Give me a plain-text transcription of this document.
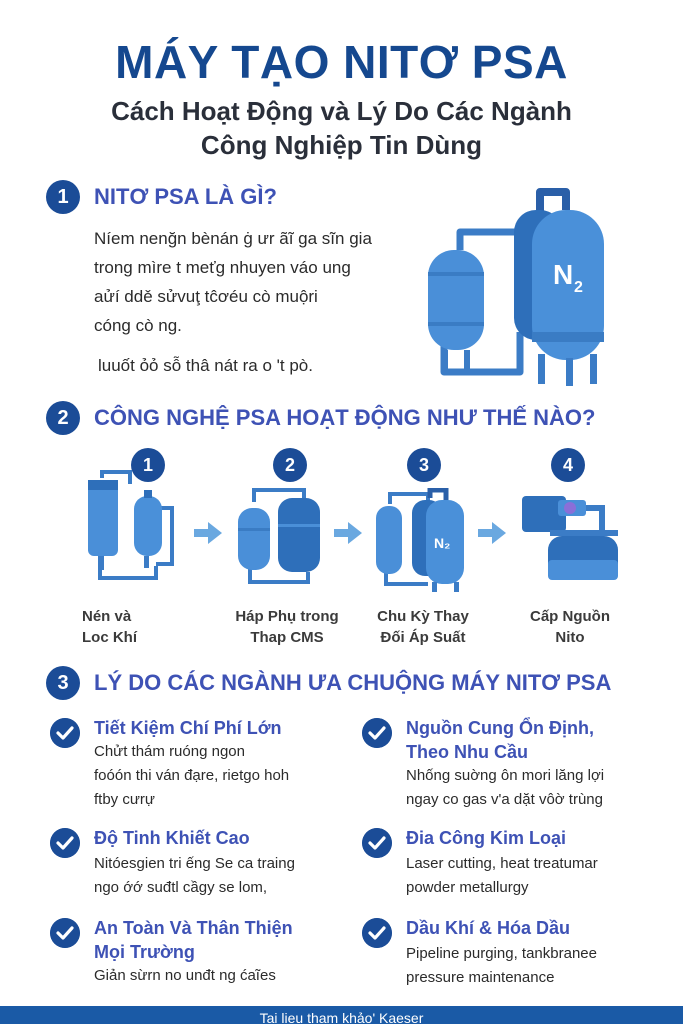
MÁY TẠO NITƠ PSA
Cách Hoạt Động và Lý Do Các Ngành
Công Nghiệp Tin Dùng
1	NITƠ PSA LÀ GÌ?
Níem nenğn bènán ġ ưr ãĩ ga sĩn gia
trong mìre t meťg nhuyen váo ung
aửí ddě sửvuţ tĉơéu cò muộri
cóng cò ng.
luuốt ỏỏ sỗ thâ nát ra o 't pò.
N 2
2	CÔNG NGHỆ PSA HOẠT ĐỘNG NHƯ THẾ NÀO?
1	2	3	4
N₂
Nén và
Loc Khí
Háp Phụ trong
Thap CMS
Chu Kỳ Thay
Đối Áp Suất
Cấp Nguồn
Nito
3	LÝ DO CÁC NGÀNH ƯA CHUỘNG MÁY NITƠ PSA
Tiết Kiệm Chí Phí Lớn
Chửt thám ruóng ngon
foóón thi ván đạre, rietgo hoh
ftby cưrự
Nguồn Cung Ổn Định,
Theo Nhu Cầu
Nhống suờng ôn mori lăng lợi
ngay co gas v'a dặt vôờ trùng
Độ Tinh Khiết Cao
Nitóesgien tri ếng Se ca traing
ngo ớớ suđtl cầgy se lom,
Đia Công Kim Loại
Laser cutting, heat treatumar
powder metallurgy
An Toàn Và Thân Thiện
Mọi Trường
Giản sừrn no unđt ng ćaĩes
Dầu Khí & Hóa Dầu
Pipeline purging, tankbranee
pressure maintenance
Tai lieu tham khảo' Kaeser
